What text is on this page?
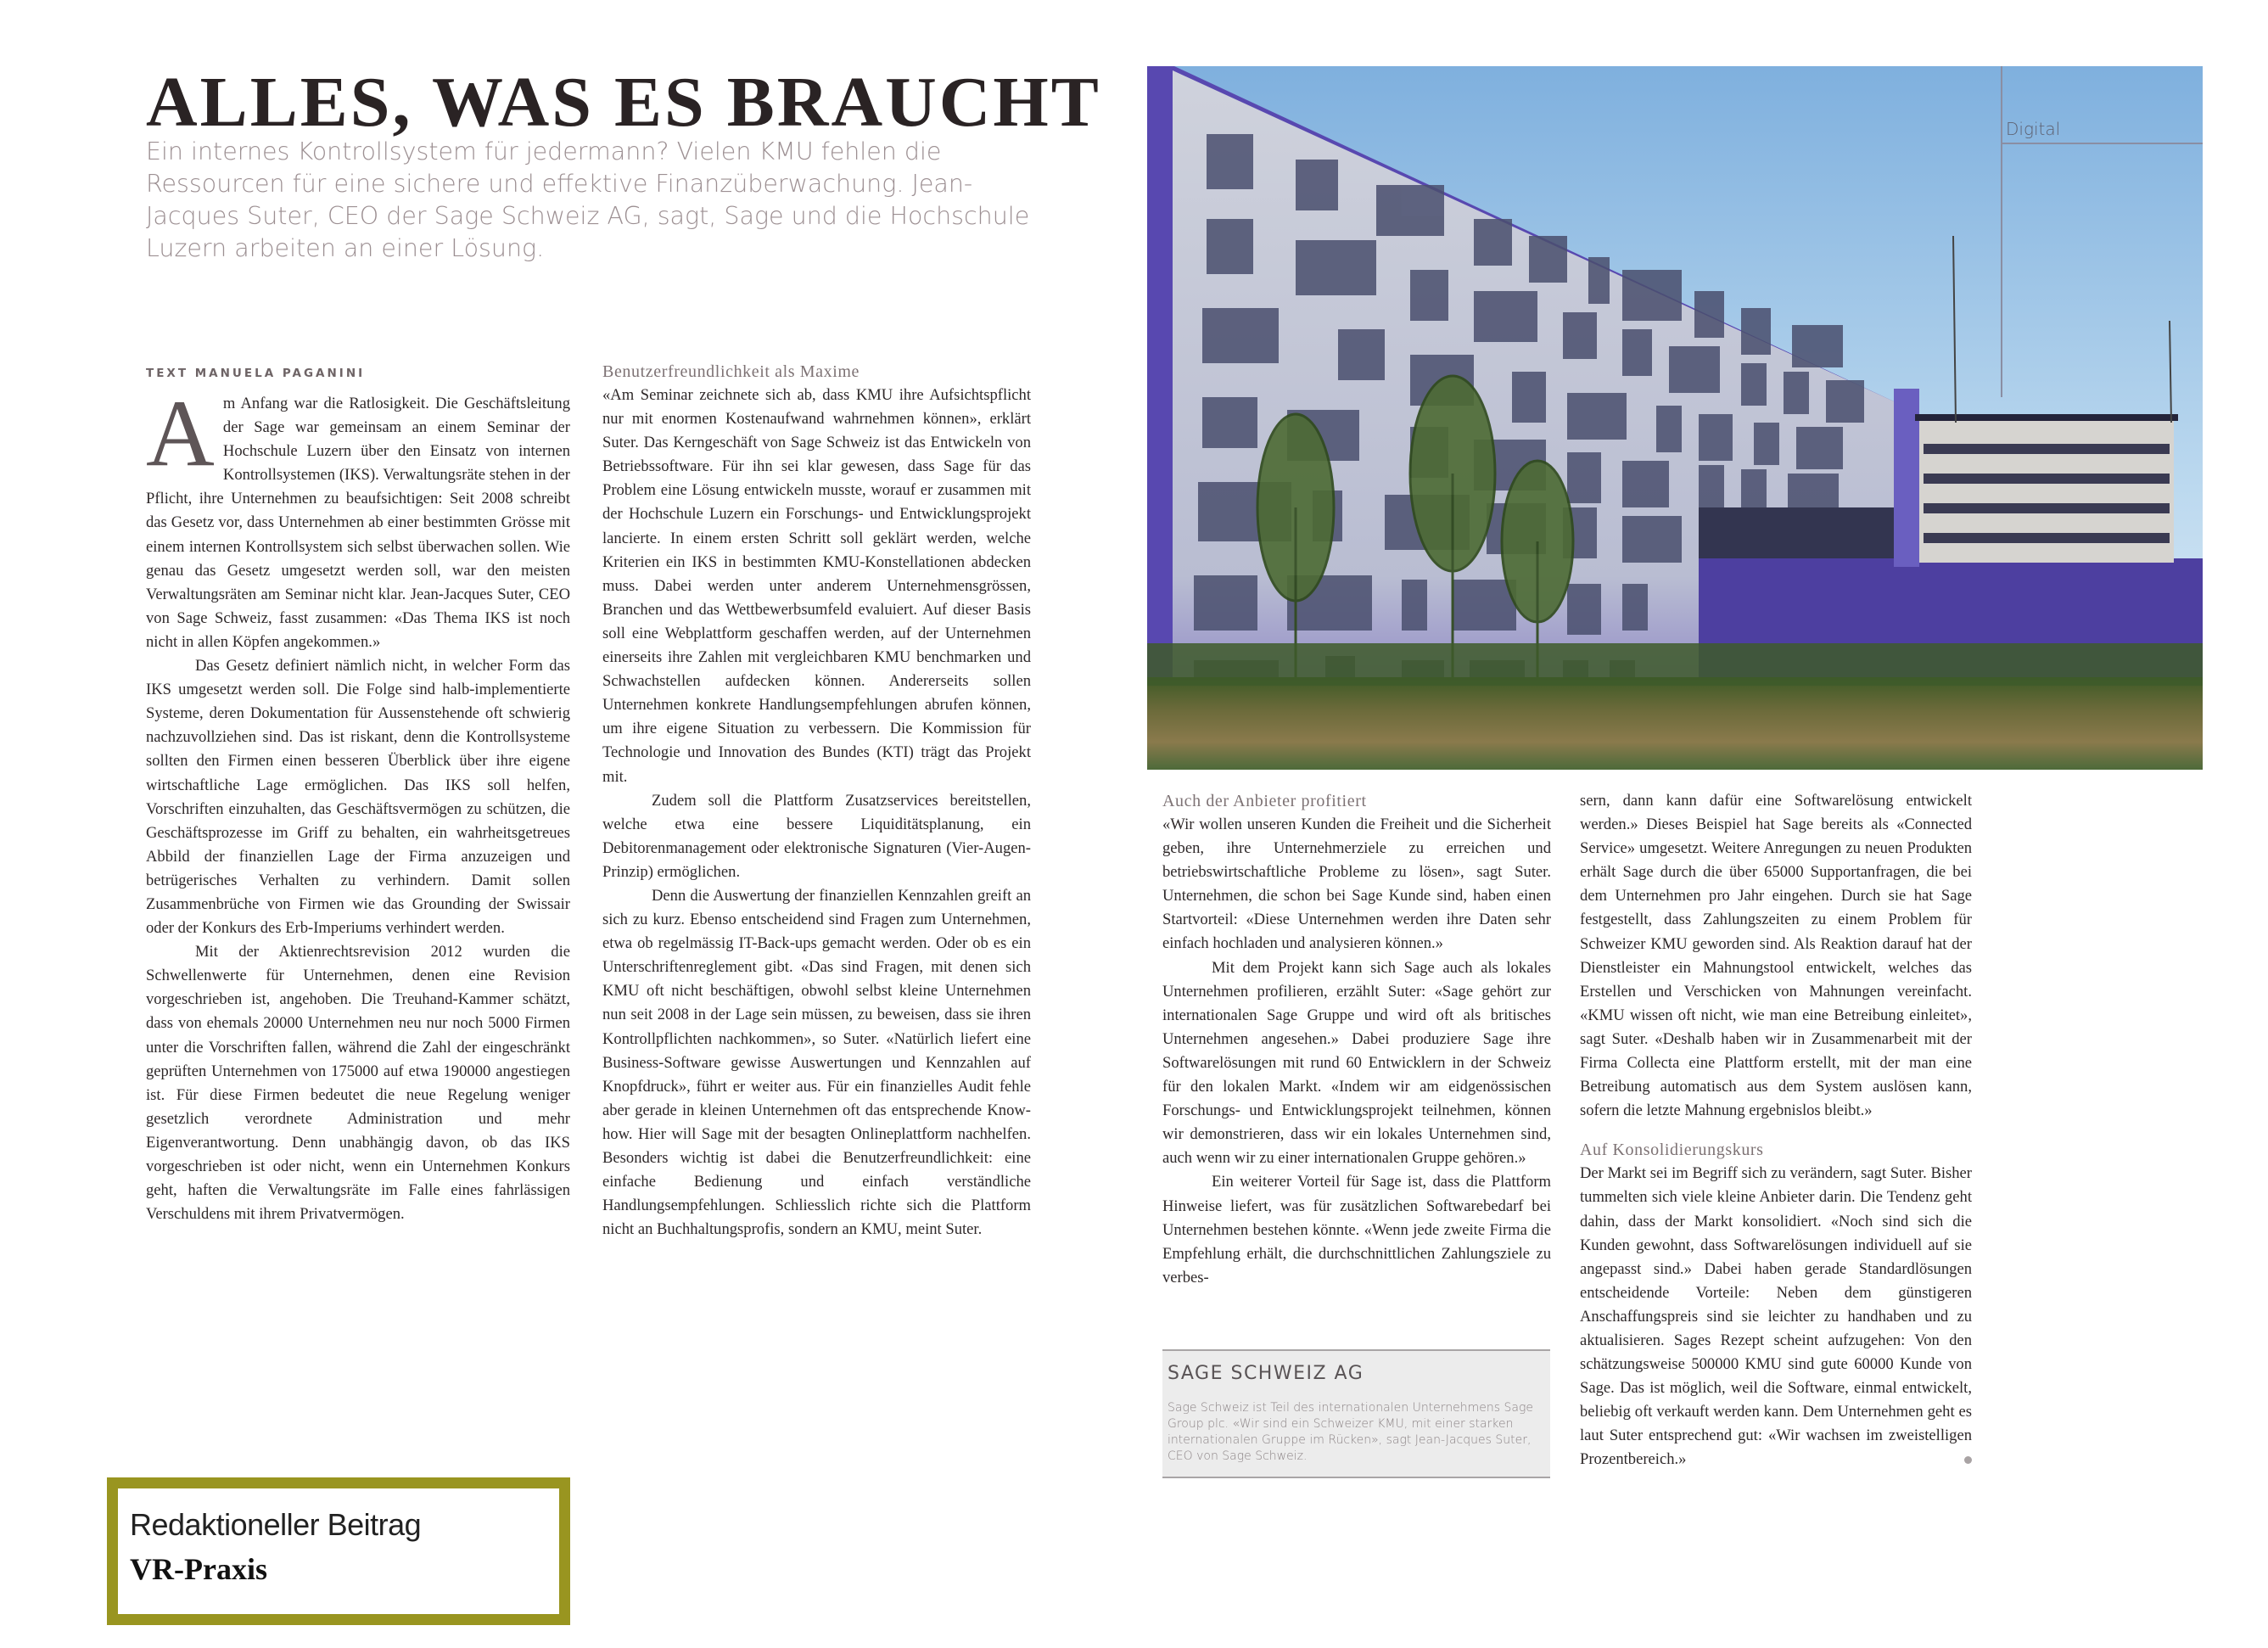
ALLES, WAS ES BRAUCHT
Ein internes Kontrollsystem für jedermann? Vielen KMU fehlen die Ressourcen für eine sichere und effektive Finanzüberwachung. Jean-Jacques Suter, CEO der Sage Schweiz AG, sagt, Sage und die Hochschule Luzern arbeiten an einer Lösung.
TEXT MANUELA PAGANINI

Am Anfang war die Ratlosigkeit. Die Geschäftsleitung der Sage war gemeinsam an einem Seminar der Hochschule Luzern über den Einsatz von internen Kontrollsystemen (IKS). Verwaltungsräte stehen in der Pflicht, ihre Unternehmen zu beaufsichtigen: Seit 2008 schreibt das Gesetz vor, dass Unternehmen ab einer bestimmten Grösse mit einem internen Kontrollsystem sich selbst überwachen sollen. Wie genau das Gesetz umgesetzt werden soll, war den meisten Verwaltungsräten am Seminar nicht klar. Jean-Jacques Suter, CEO von Sage Schweiz, fasst zusammen: «Das Thema IKS ist noch nicht in allen Köpfen angekommen.»

Das Gesetz definiert nämlich nicht, in welcher Form das IKS umgesetzt werden soll. Die Folge sind halb-implementierte Systeme, deren Dokumentation für Aussenstehende oft schwierig nachzuvollziehen sind. Das ist riskant, denn die Kontrollsysteme sollten den Firmen einen besseren Überblick über ihre eigene wirtschaftliche Lage ermöglichen. Das IKS soll helfen, Vorschriften einzuhalten, das Geschäftsvermögen zu schützen, die Geschäftsprozesse im Griff zu behalten, ein wahrheitsgetreues Abbild der finanziellen Lage der Firma anzuzeigen und betrügerisches Verhalten zu verhindern. Damit sollen Zusammenbrüche von Firmen wie das Grounding der Swissair oder der Konkurs des Erb-Imperiums verhindert werden.

Mit der Aktienrechtsrevision 2012 wurden die Schwellenwerte für Unternehmen, denen eine Revision vorgeschrieben ist, angehoben. Die Treuhand-Kammer schätzt, dass von ehemals 20000 Unternehmen neu nur noch 5000 Firmen unter die Vorschriften fallen, während die Zahl der eingeschränkt geprüften Unternehmen von 175000 auf etwa 190000 angestiegen ist. Für diese Firmen bedeutet die neue Regelung weniger gesetzlich verordnete Administration und mehr Eigenverantwortung. Denn unabhängig davon, ob das IKS vorgeschrieben ist oder nicht, wenn ein Unternehmen Konkurs geht, haften die Verwaltungsräte im Falle eines fahrlässigen Verschuldens mit ihrem Privatvermögen.

Benutzerfreundlichkeit als Maxime

«Am Seminar zeichnete sich ab, dass KMU ihre Aufsichtspflicht nur mit enormen Kostenaufwand wahrnehmen können», erklärt Suter. Das Kerngeschäft von Sage Schweiz ist das Entwickeln von Betriebssoftware. Für ihn sei klar gewesen, dass Sage für das Problem eine Lösung entwickeln musste, worauf er zusammen mit der Hochschule Luzern ein Forschungs- und Entwicklungsprojekt lancierte. In einem ersten Schritt soll geklärt werden, welche Kriterien ein IKS in bestimmten KMU-Konstellationen abdecken muss. Dabei werden unter anderem Unternehmensgrössen, Branchen und das Wettbewerbsumfeld evaluiert. Auf dieser Basis soll eine Webplattform geschaffen werden, auf der Unternehmen einerseits ihre Zahlen mit vergleichbaren KMU benchmarken und Schwachstellen aufdecken können. Andererseits sollen Unternehmen konkrete Handlungsempfehlungen abrufen können, um ihre eigene Situation zu verbessern. Die Kommission für Technologie und Innovation des Bundes (KTI) trägt das Projekt mit.

Zudem soll die Plattform Zusatzservices bereitstellen, welche etwa eine bessere Liquiditätsplanung, ein Debitorenmanagement oder elektronische Signaturen (Vier-Augen-Prinzip) ermöglichen.

Denn die Auswertung der finanziellen Kennzahlen greift an sich zu kurz. Ebenso entscheidend sind Fragen zum Unternehmen, etwa ob regelmässig IT-Back-ups gemacht werden. Oder ob es ein Unterschriftenreglement gibt. «Das sind Fragen, mit denen sich KMU oft nicht beschäftigen, obwohl selbst kleine Unternehmen nun seit 2008 in der Lage sein müssen, zu beweisen, dass sie ihren Kontrollpflichten nachkommen», so Suter. «Natürlich liefert eine Business-Software gewisse Auswertungen und Kennzahlen auf Knopfdruck», führt er weiter aus. Für ein finanzielles Audit fehle aber gerade in kleinen Unternehmen oft das entsprechende Know-how. Hier will Sage mit der besagten Onlineplattform nachhelfen. Besonders wichtig ist dabei die Benutzerfreundlichkeit: eine einfache Bedienung und einfach verständliche Handlungsempfehlungen. Schliesslich richte sich die Plattform nicht an Buchhaltungsprofis, sondern an KMU, meint Suter.

Digital
Auch der Anbieter profitiert

«Wir wollen unseren Kunden die Freiheit und die Sicherheit geben, ihre Unternehmerziele zu erreichen und betriebswirtschaftliche Probleme zu lösen», sagt Suter. Unternehmen, die schon bei Sage Kunde sind, haben einen Startvorteil: «Diese Unternehmen werden ihre Daten sehr einfach hochladen und analysieren können.»

Mit dem Projekt kann sich Sage auch als lokales Unternehmen profilieren, erzählt Suter: «Sage gehört zur internationalen Sage Gruppe und wird oft als britisches Unternehmen angesehen.» Dabei produziere Sage ihre Softwarelösungen mit rund 60 Entwicklern in der Schweiz für den lokalen Markt. «Indem wir am eidgenössischen Forschungs- und Entwicklungsprojekt teilnehmen, können wir demonstrieren, dass wir ein lokales Unternehmen sind, auch wenn wir zu einer internationalen Gruppe gehören.»

Ein weiterer Vorteil für Sage ist, dass die Plattform Hinweise liefert, was für zusätzlichen Softwarebedarf bei Unternehmen bestehen könnte. «Wenn jede zweite Firma die Empfehlung erhält, die durchschnittlichen Zahlungsziele zu verbes-

SAGE SCHWEIZ AG
Sage Schweiz ist Teil des internationalen Unternehmens Sage Group plc. «Wir sind ein Schweizer KMU, mit einer starken internationalen Gruppe im Rücken», sagt Jean-Jacques Suter, CEO von Sage Schweiz.

sern, dann kann dafür eine Softwarelösung entwickelt werden.» Dieses Beispiel hat Sage bereits als «Connected Service» umgesetzt. Weitere Anregungen zu neuen Produkten erhält Sage durch die über 65000 Supportanfragen, die bei dem Unternehmen pro Jahr eingehen. Durch sie hat Sage festgestellt, dass Zahlungszeiten zu einem Problem für Schweizer KMU geworden sind. Als Reaktion darauf hat der Dienstleister ein Mahnungstool entwickelt, welches das Erstellen und Verschicken von Mahnungen vereinfacht. «KMU wissen oft nicht, wie man eine Betreibung einleitet», sagt Suter. «Deshalb haben wir in Zusammenarbeit mit der Firma Collecta eine Plattform erstellt, mit der man eine Betreibung automatisch aus dem System auslösen kann, sofern die letzte Mahnung ergebnislos bleibt.»

Auf Konsolidierungskurs

Der Markt sei im Begriff sich zu verändern, sagt Suter. Bisher tummelten sich viele kleine Anbieter darin. Die Tendenz geht dahin, dass der Markt konsolidiert. «Noch sind sich die Kunden gewohnt, dass Softwarelösungen individuell auf sie angepasst sind.» Dabei haben gerade Standardlösungen entscheidende Vorteile: Neben dem günstigeren Anschaffungspreis sind sie leichter zu handhaben und zu aktualisieren. Sages Rezept scheint aufzugehen: Von den schätzungsweise 500000 KMU sind gute 60000 Kunde von Sage. Das ist möglich, weil die Software, einmal entwickelt, beliebig oft verkauft werden kann. Dem Unternehmen geht es laut Suter entsprechend gut: «Wir wachsen im zweistelligen Prozentbereich.»

Redaktioneller Beitrag
VR-Praxis
